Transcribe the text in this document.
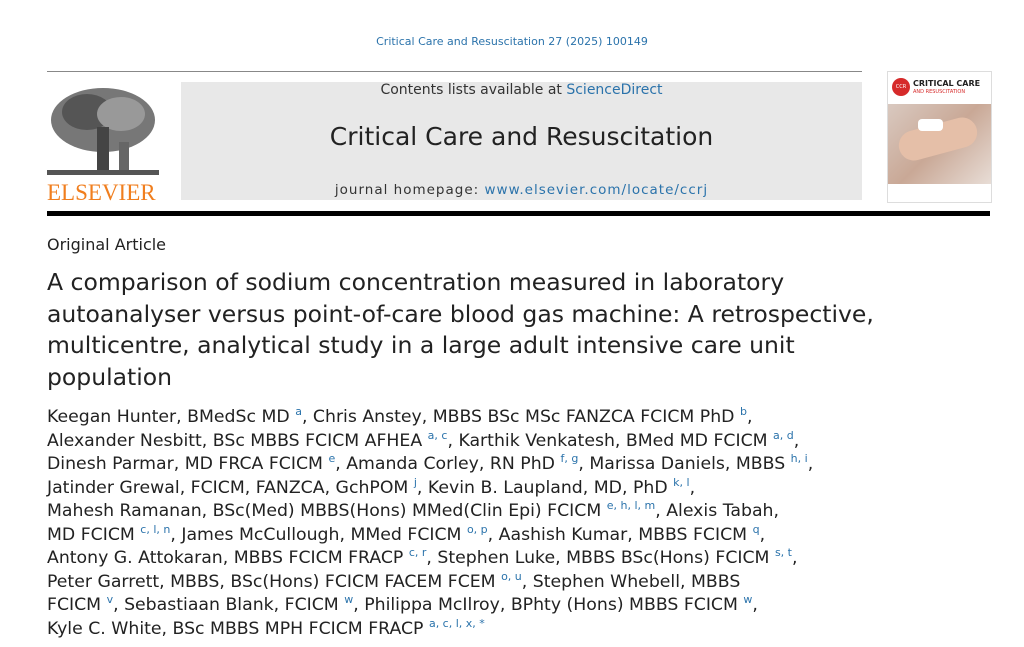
Critical Care and Resuscitation 27 (2025) 100149
ELSEVIER
Contents lists available at ScienceDirect
Critical Care and Resuscitation
journal homepage: www.elsevier.com/locate/ccrj
CCR CRITICAL CARE
AND RESUSCITATION
Original Article
A comparison of sodium concentration measured in laboratory autoanalyser versus point-of-care blood gas machine: A retrospective, multicentre, analytical study in a large adult intensive care unit population
Keegan Hunter, BMedSc MD $^a$, Chris Anstey, MBBS BSc MSc FANZCA FCICM PhD $^b$,
Alexander Nesbitt, BSc MBBS FCICM AFHEA $^{a, c}$, Karthik Venkatesh, BMed MD FCICM $^{a, d}$,
Dinesh Parmar, MD FRCA FCICM $^e$, Amanda Corley, RN PhD $^{f, g}$, Marissa Daniels, MBBS $^{h, i}$,
Jatinder Grewal, FCICM, FANZCA, GchPOM $^j$, Kevin B. Laupland, MD, PhD $^{k, l}$,
Mahesh Ramanan, BSc(Med) MBBS(Hons) MMed(Clin Epi) FCICM $^{e, h, l, m}$, Alexis Tabah,
MD FCICM $^{c, l, n}$, James McCullough, MMed FCICM $^{o, p}$, Aashish Kumar, MBBS FCICM $^q$,
Antony G. Attokaran, MBBS FCICM FRACP $^{c, r}$, Stephen Luke, MBBS BSc(Hons) FCICM $^{s, t}$,
Peter Garrett, MBBS, BSc(Hons) FCICM FACEM FCEM $^{o, u}$, Stephen Whebell, MBBS
FCICM $^v$, Sebastiaan Blank, FCICM $^w$, Philippa McIlroy, BPhty (Hons) MBBS FCICM $^w$,
Kyle C. White, BSc MBBS MPH FCICM FRACP $^{a, c, l, x, *}$
